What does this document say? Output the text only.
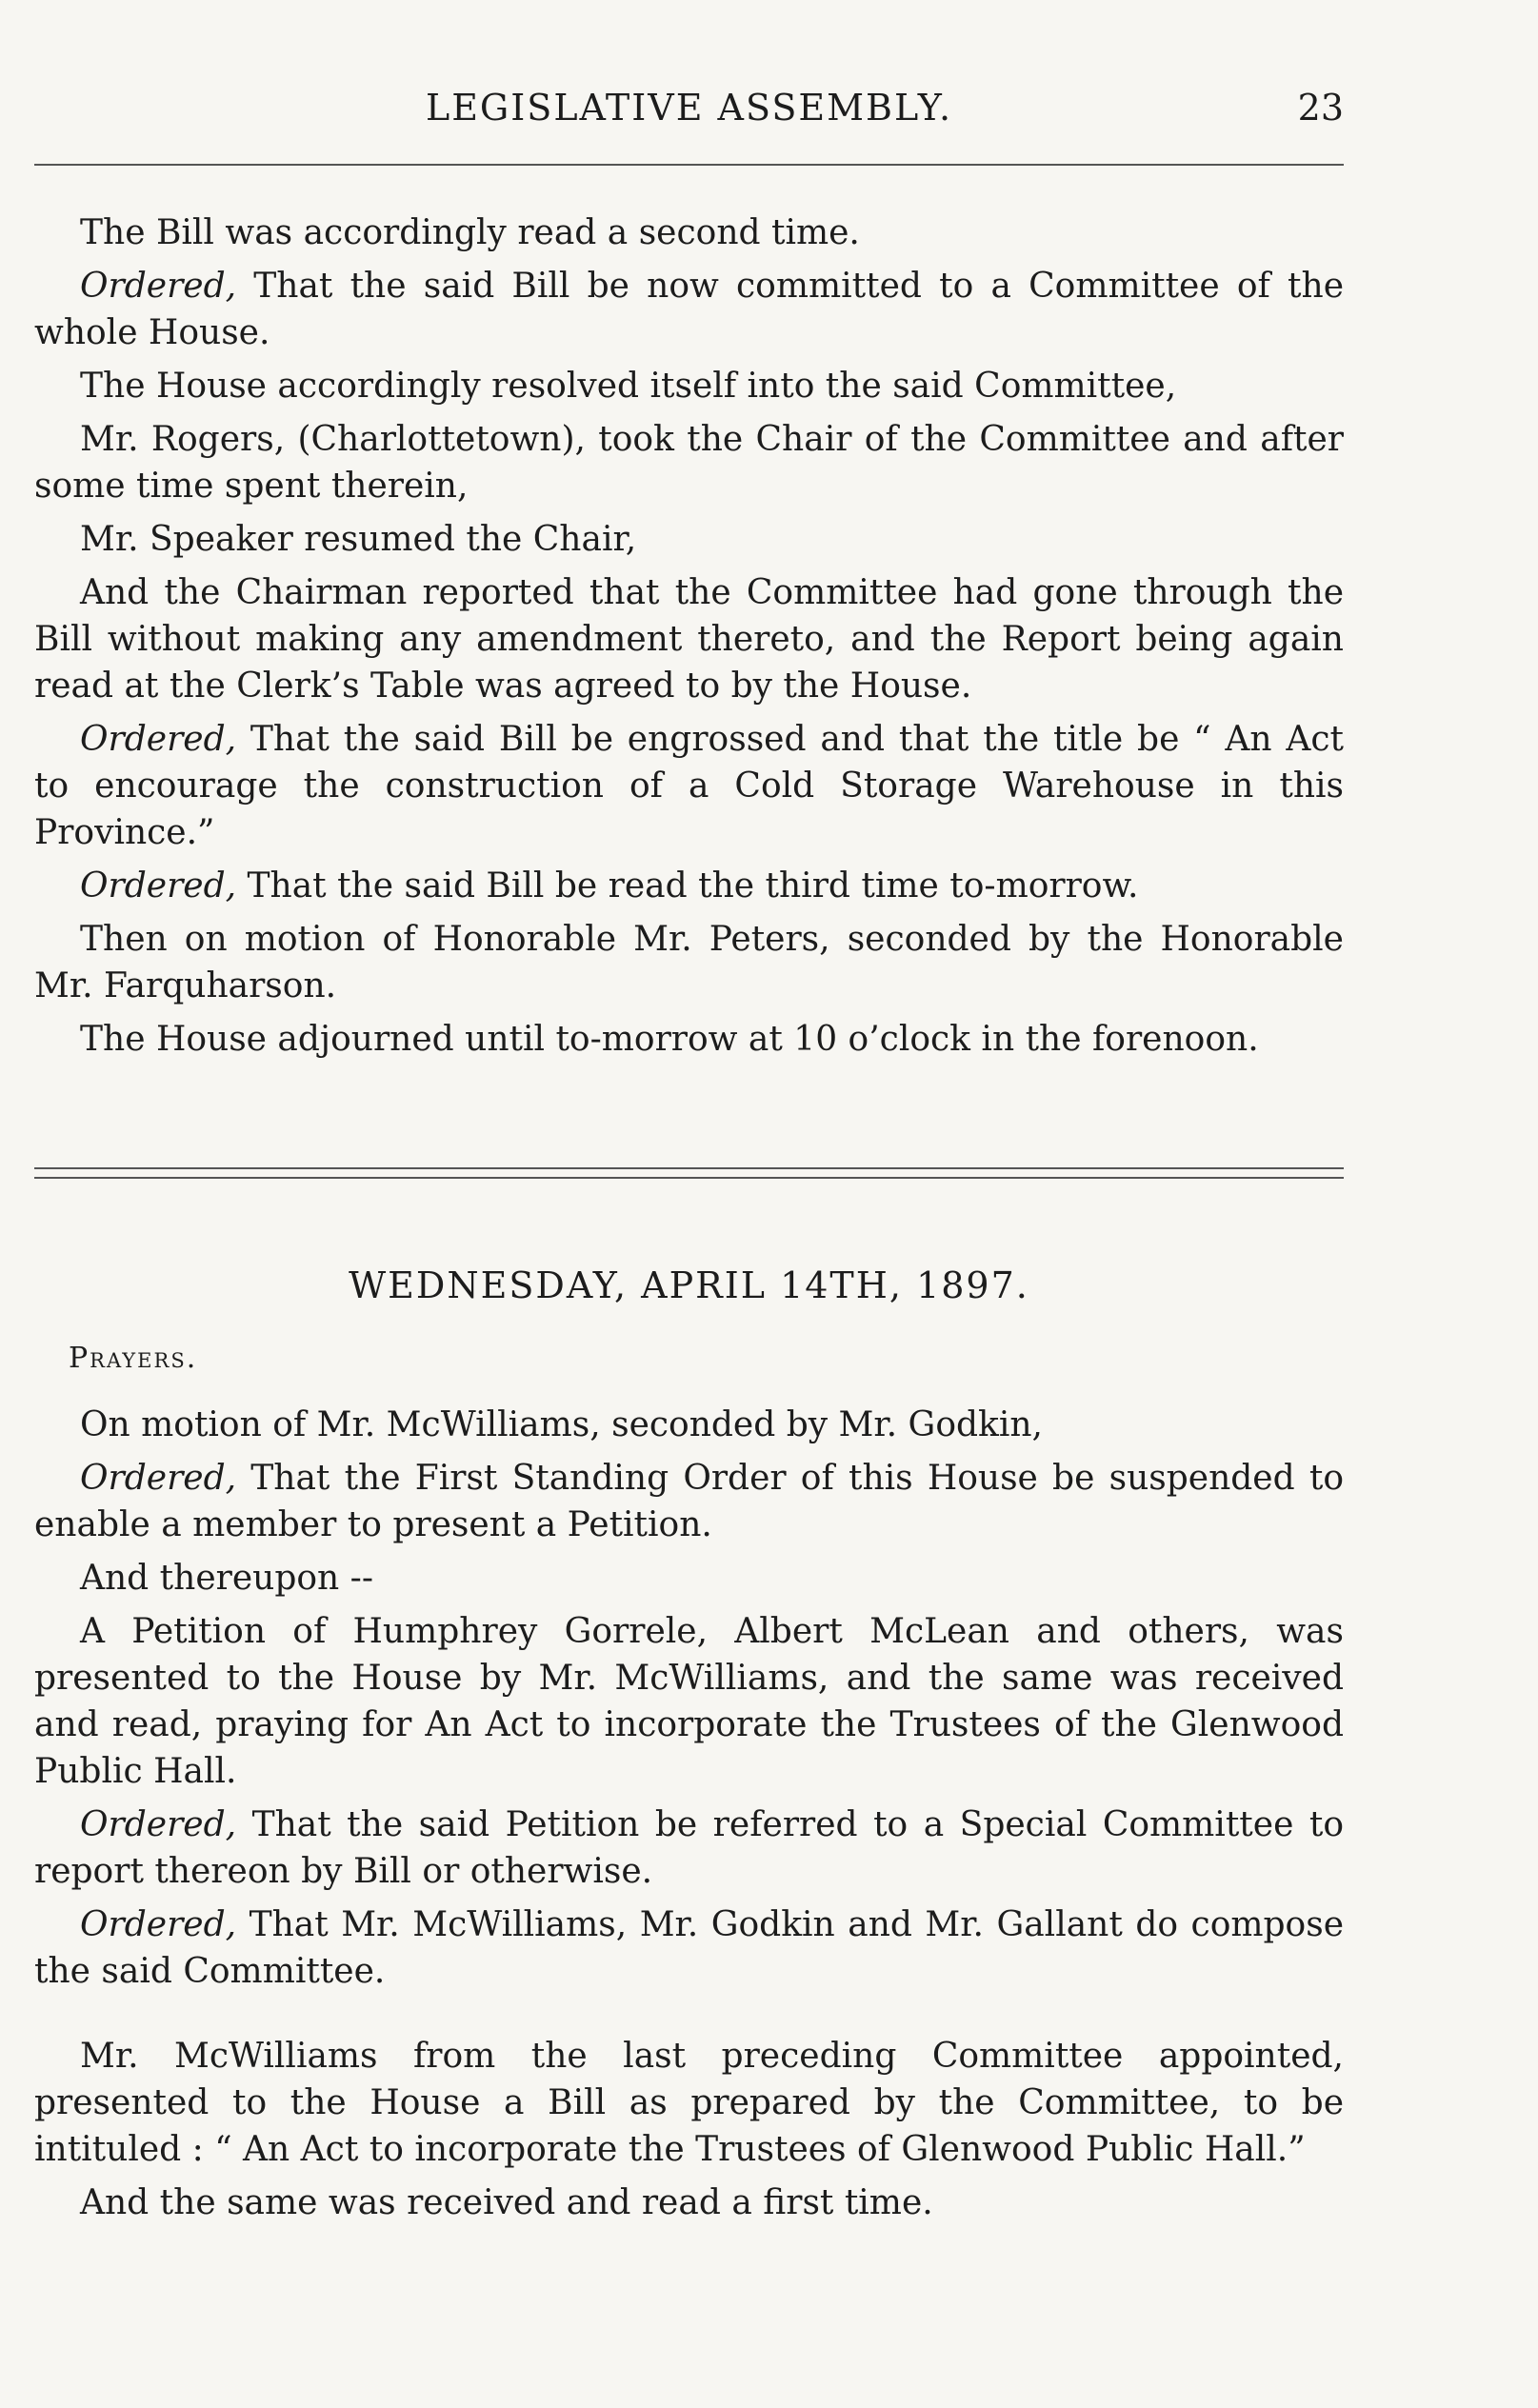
LEGISLATIVE ASSEMBLY.	23

The Bill was accordingly read a second time.

Ordered, That the said Bill be now committed to a Committee of the whole House.

The House accordingly resolved itself into the said Committee,

Mr. Rogers, (Charlottetown), took the Chair of the Committee and after some time spent therein,

Mr. Speaker resumed the Chair,

And the Chairman reported that the Committee had gone through the Bill without making any amendment thereto, and the Report being again read at the Clerk’s Table was agreed to by the House.

Ordered, That the said Bill be engrossed and that the title be “ An Act to encourage the construction of a Cold Storage Warehouse in this Province.”

Ordered, That the said Bill be read the third time to-morrow.

Then on motion of Honorable Mr. Peters, seconded by the Honorable Mr. Farquharson.

The House adjourned until to-morrow at 10 o’clock in the forenoon.

WEDNESDAY, APRIL 14TH, 1897.
Prayers.

On motion of Mr. McWilliams, seconded by Mr. Godkin,

Ordered, That the First Standing Order of this House be suspended to enable a member to present a Petition.

And thereupon --

A Petition of Humphrey Gorrele, Albert McLean and others, was presented to the House by Mr. McWilliams, and the same was received and read, praying for An Act to incorporate the Trustees of the Glenwood Public Hall.

Ordered, That the said Petition be referred to a Special Committee to report thereon by Bill or otherwise.

Ordered, That Mr. McWilliams, Mr. Godkin and Mr. Gallant do compose the said Committee.

Mr. McWilliams from the last preceding Committee appointed, presented to the House a Bill as prepared by the Committee, to be intituled : “ An Act to incorporate the Trustees of Glenwood Public Hall.”

And the same was received and read a first time.
